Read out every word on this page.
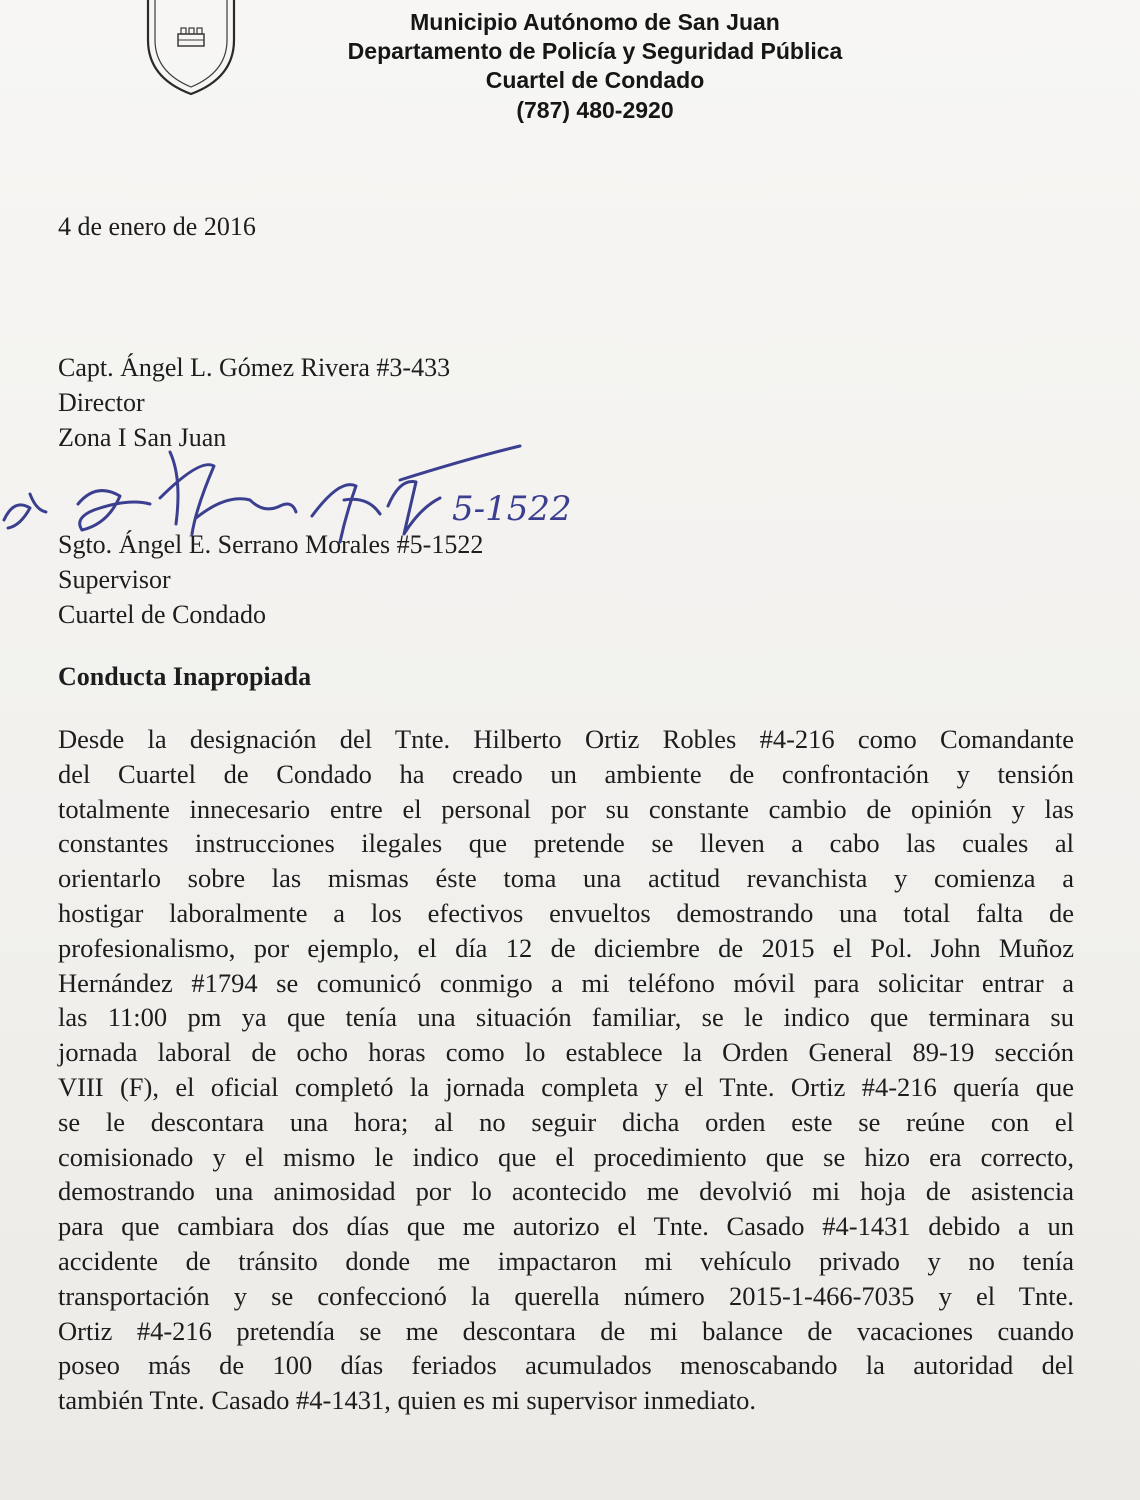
Municipio Autónomo de San Juan
Departamento de Policía y Seguridad Pública
Cuartel de Condado
(787) 480-2920
4 de enero de 2016
Capt. Ángel L. Gómez Rivera #3-433
Director
Zona I San Juan
Sgto. Ángel E. Serrano Morales #5-1522
Supervisor
Cuartel de Condado
5-1522
Conducta Inapropiada
Desde la designación del Tnte. Hilberto Ortiz Robles #4-216 como Comandante
del Cuartel de Condado ha creado un ambiente de confrontación y tensión
totalmente innecesario entre el personal por su constante cambio de opinión y las
constantes instrucciones ilegales que pretende se lleven a cabo las cuales al
orientarlo sobre las mismas éste toma una actitud revanchista y comienza a
hostigar laboralmente a los efectivos envueltos demostrando una total falta de
profesionalismo, por ejemplo, el día 12 de diciembre de 2015 el Pol. John Muñoz
Hernández #1794 se comunicó conmigo a mi teléfono móvil para solicitar entrar a
las 11:00 pm ya que tenía una situación familiar, se le indico que terminara su
jornada laboral de ocho horas como lo establece la Orden General 89-19 sección
VIII (F), el oficial completó la jornada completa y el Tnte. Ortiz #4-216 quería que
se le descontara una hora; al no seguir dicha orden este se reúne con el
comisionado y el mismo le indico que el procedimiento que se hizo era correcto,
demostrando una animosidad por lo acontecido me devolvió mi hoja de asistencia
para que cambiara dos días que me autorizo el Tnte. Casado #4-1431 debido a un
accidente de tránsito donde me impactaron mi vehículo privado y no tenía
transportación y se confeccionó la querella número 2015-1-466-7035 y el Tnte.
Ortiz #4-216 pretendía se me descontara de mi balance de vacaciones cuando
poseo más de 100 días feriados acumulados menoscabando la autoridad del
también Tnte. Casado #4-1431, quien es mi supervisor inmediato.
